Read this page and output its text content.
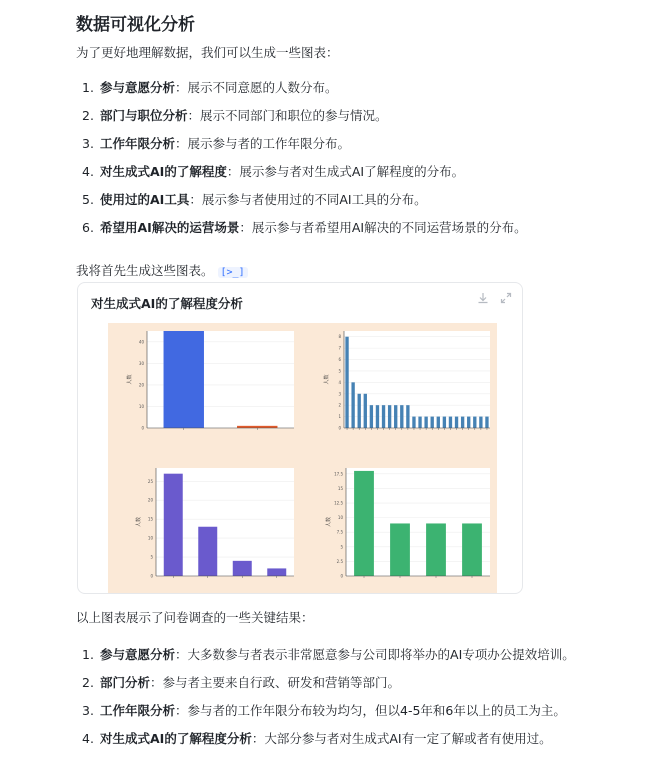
数据可视化分析
为了更好地理解数据，我们可以生成一些图表：
1. 参与意愿分析：展示不同意愿的人数分布。
2. 部门与职位分析：展示不同部门和职位的参与情况。
3. 工作年限分析：展示参与者的工作年限分布。
4. 对生成式AI的了解程度：展示参与者对生成式AI了解程度的分布。
5. 使用过的AI工具：展示参与者使用过的不同AI工具的分布。
6. 希望用AI解决的运营场景：展示参与者希望用AI解决的不同运营场景的分布。
我将首先生成这些图表。 [>_]
对生成式AI的了解程度分析
0
10
20
30
40
人数
0
1
2
3
4
5
6
7
8
人数
0
5
10
15
20
25
人数
0
2.5
5
7.5
10
12.5
15
17.5
人数
以上图表展示了问卷调查的一些关键结果：
1. 参与意愿分析：大多数参与者表示非常愿意参与公司即将举办的AI专项办公提效培训。
2. 部门分析：参与者主要来自行政、研发和营销等部门。
3. 工作年限分析：参与者的工作年限分布较为均匀，但以4-5年和6年以上的员工为主。
4. 对生成式AI的了解程度分析：大部分参与者对生成式AI有一定了解或者有使用过。
